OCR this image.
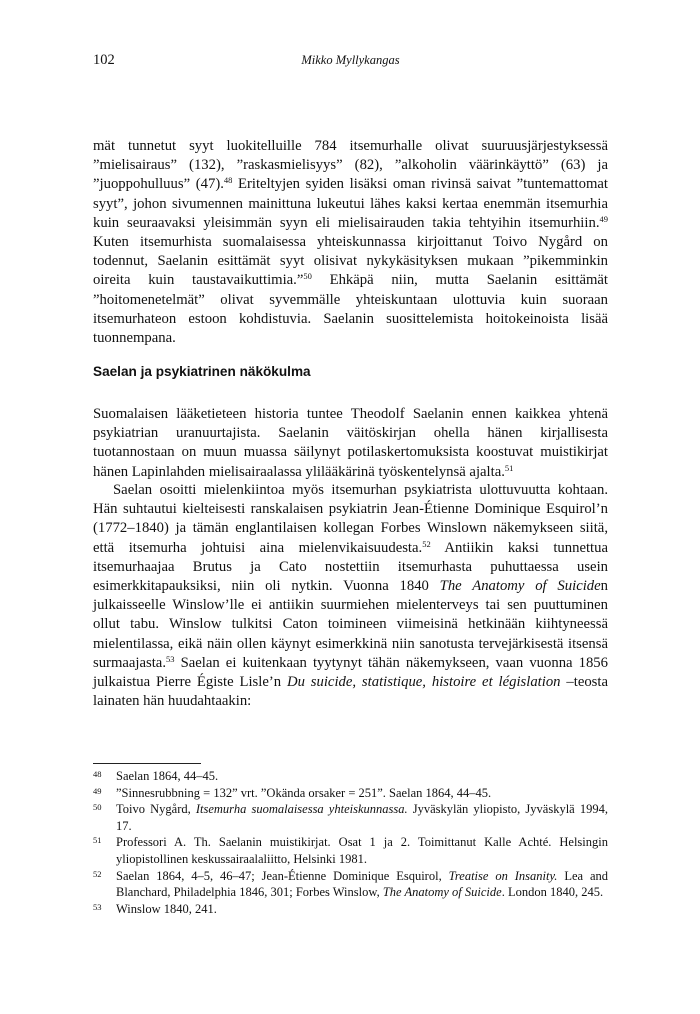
102	Mikko Myllykangas

mät tunnetut syyt luokitelluille 784 itsemurhalle olivat suuruusjärjestyksessä ”mielisairaus” (132), ”raskasmielisyys” (82), ”alkoholin väärinkäyttö” (63) ja ”juoppohulluus” (47).$^{48}$ Eriteltyjen syiden lisäksi oman rivinsä saivat ”tuntemattomat syyt”, johon sivumennen mainittuna lukeutui lähes kaksi kertaa enemmän itsemurhia kuin seuraavaksi yleisimmän syyn eli mielisairauden takia tehtyihin itsemurhiin.$^{49}$ Kuten itsemurhista suomalaisessa yhteiskunnassa kirjoittanut Toivo Nygård on todennut, Saelanin esittämät syyt olisivat nykykäsityksen mukaan ”pikemminkin oireita kuin taustavaikuttimia.”$^{50}$ Ehkäpä niin, mutta Saelanin esittämät ”hoitomenetelmät” olivat syvemmälle yhteiskuntaan ulottuvia kuin suoraan itsemurhateon estoon kohdistuvia. Saelanin suosittelemista hoitokeinoista lisää tuonnempana.

Saelan ja psykiatrinen näkökulma

Suomalaisen lääketieteen historia tuntee Theodolf Saelanin ennen kaikkea yhtenä psykiatrian uranuurtajista. Saelanin väitöskirjan ohella hänen kirjallisesta tuotannostaan on muun muassa säilynyt potilaskertomuksista koostuvat muistikirjat hänen Lapinlahden mielisairaalassa ylilääkärinä työskentelynsä ajalta.$^{51}$

Saelan osoitti mielenkiintoa myös itsemurhan psykiatrista ulottuvuutta kohtaan. Hän suhtautui kielteisesti ranskalaisen psykiatrin Jean-Étienne Dominique Esquirol’n (1772–1840) ja tämän englantilaisen kollegan Forbes Winslown näkemykseen siitä, että itsemurha johtuisi aina mielenvikaisuudesta.$^{52}$ Antiikin kaksi tunnettua itsemurhaajaa Brutus ja Cato nostettiin itsemurhasta puhuttaessa usein esimerkkitapauksiksi, niin oli nytkin. Vuonna 1840 The Anatomy of Suiciden julkaisseelle Winslow’lle ei antiikin suurmiehen mielenterveys tai sen puuttuminen ollut tabu. Winslow tulkitsi Caton toimineen viimeisinä hetkinään kiihtyneessä mielentilassa, eikä näin ollen käynyt esimerkkinä niin sanotusta tervejärkisestä itsensä surmaajasta.$^{53}$ Saelan ei kuitenkaan tyytynyt tähän näkemykseen, vaan vuonna 1856 julkaistua Pierre Égiste Lisle’n Du suicide, statistique, histoire et législation –teosta lainaten hän huudahtaakin:

48 Saelan 1864, 44–45.
49 ”Sinnesrubbning = 132” vrt. ”Okända orsaker = 251”. Saelan 1864, 44–45.
50 Toivo Nygård, Itsemurha suomalaisessa yhteiskunnassa. Jyväskylän yliopisto, Jyväskylä 1994, 17.
51 Professori A. Th. Saelanin muistikirjat. Osat 1 ja 2. Toimittanut Kalle Achté. Helsingin yliopistollinen keskussairaalaliitto, Helsinki 1981.
52 Saelan 1864, 4–5, 46–47; Jean-Étienne Dominique Esquirol, Treatise on Insanity. Lea and Blanchard, Philadelphia 1846, 301; Forbes Winslow, The Anatomy of Suicide. London 1840, 245.
53 Winslow 1840, 241.
